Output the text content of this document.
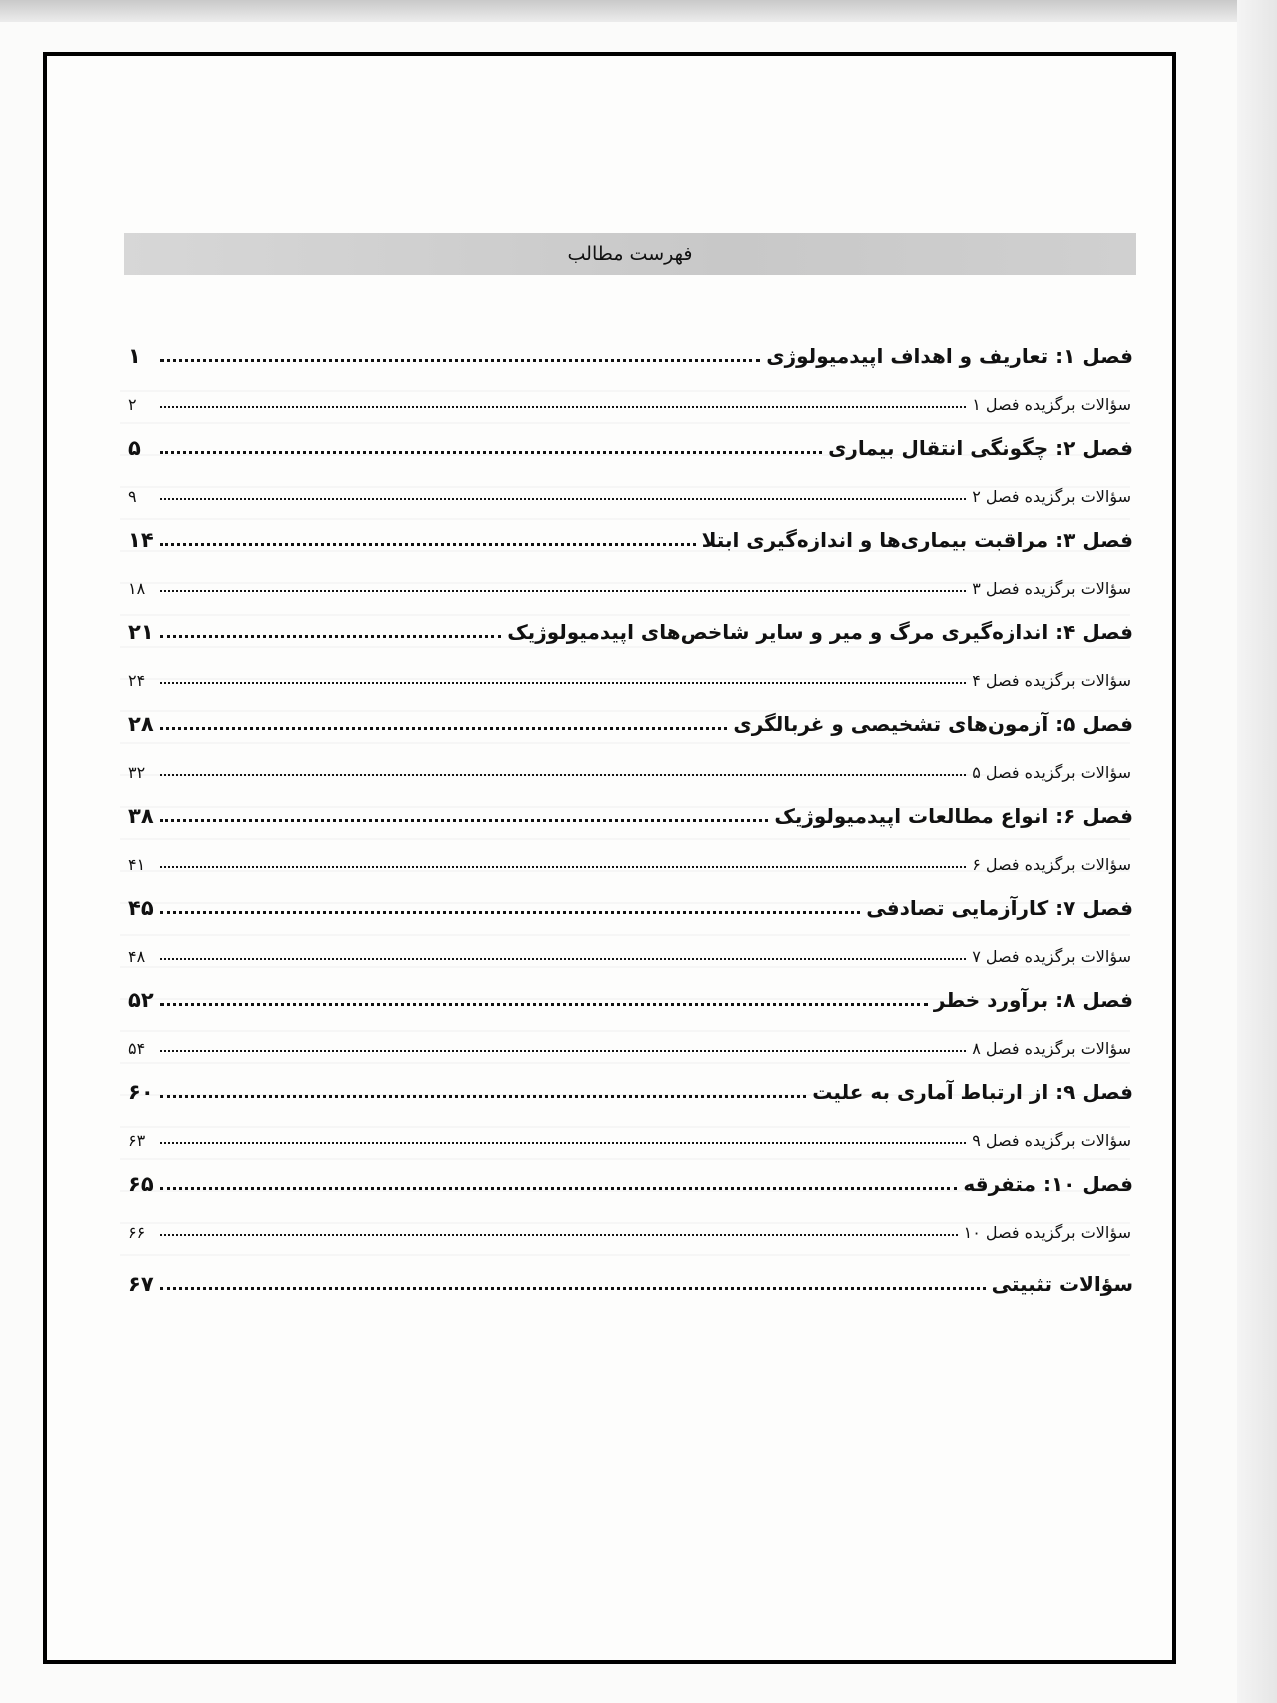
فهرست مطالب
فصل ۱: تعاریف و اهداف اپیدمیولوژی
۱
سؤالات برگزیده فصل ۱
۲
فصل ۲: چگونگی انتقال بیماری
۵
سؤالات برگزیده فصل ۲
۹
فصل ۳: مراقبت بیماری‌ها و اندازه‌گیری ابتلا
۱۴
سؤالات برگزیده فصل ۳
۱۸
فصل ۴: اندازه‌گیری مرگ و میر و سایر شاخص‌های اپیدمیولوژیک
۲۱
سؤالات برگزیده فصل ۴
۲۴
فصل ۵: آزمون‌های تشخیصی و غربالگری
۲۸
سؤالات برگزیده فصل ۵
۳۲
فصل ۶: انواع مطالعات اپیدمیولوژیک
۳۸
سؤالات برگزیده فصل ۶
۴۱
فصل ۷: کارآزمایی تصادفی
۴۵
سؤالات برگزیده فصل ۷
۴۸
فصل ۸: برآورد خطر
۵۲
سؤالات برگزیده فصل ۸
۵۴
فصل ۹: از ارتباط آماری به علیت
۶۰
سؤالات برگزیده فصل ۹
۶۳
فصل ۱۰: متفرقه
۶۵
سؤالات برگزیده فصل ۱۰
۶۶
سؤالات تثبیتی
۶۷
